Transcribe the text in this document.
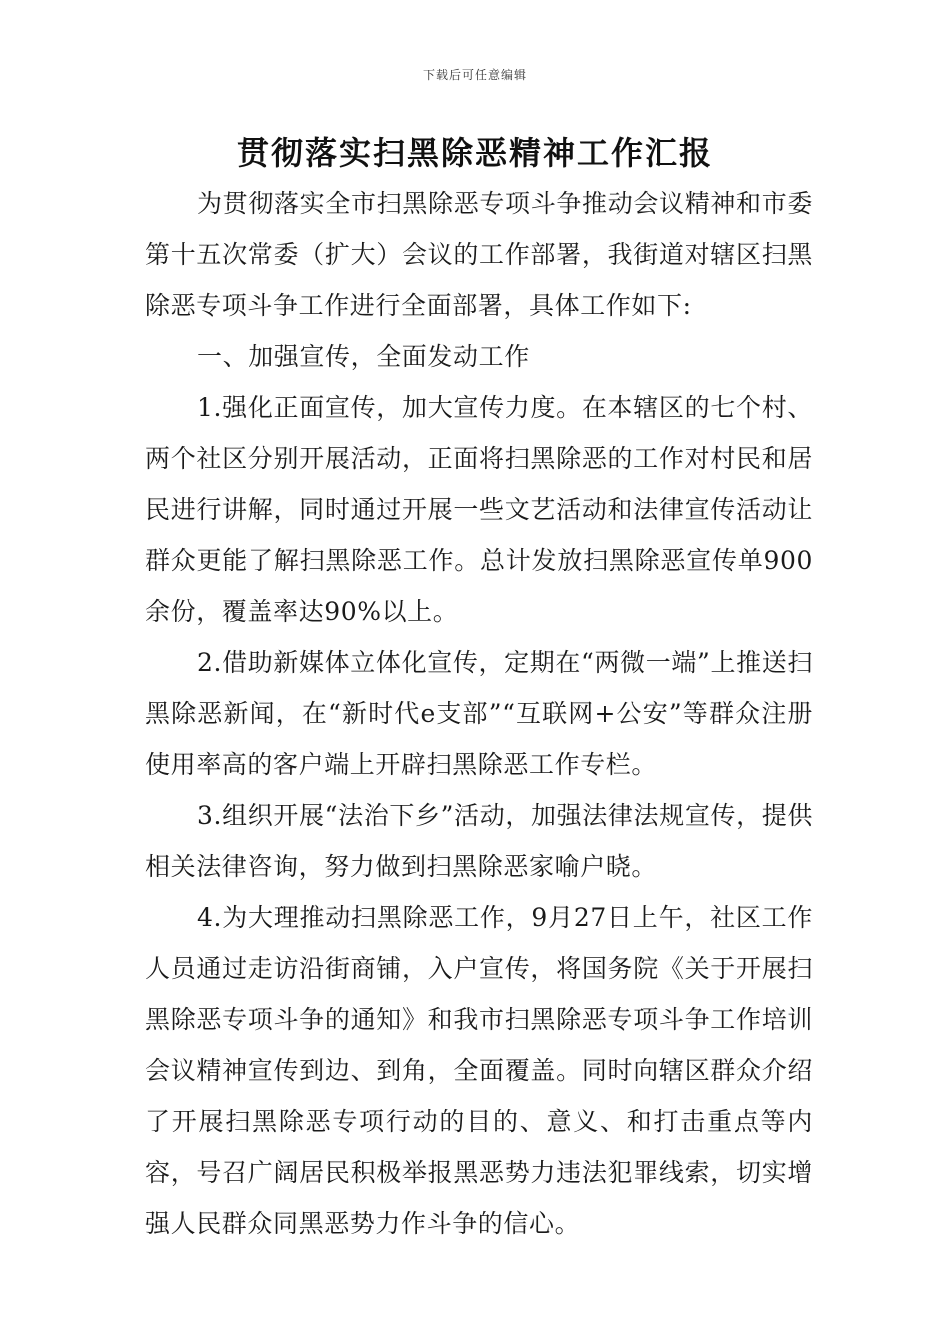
下载后可任意编辑
贯彻落实扫黑除恶精神工作汇报

为贯彻落实全市扫黑除恶专项斗争推动会议精神和市委第十五次常委（扩大）会议的工作部署，我街道对辖区扫黑除恶专项斗争工作进行全面部署，具体工作如下:

一、加强宣传，全面发动工作

1.强化正面宣传，加大宣传力度。在本辖区的七个村、两个社区分别开展活动，正面将扫黑除恶的工作对村民和居民进行讲解，同时通过开展一些文艺活动和法律宣传活动让群众更能了解扫黑除恶工作。总计发放扫黑除恶宣传单900余份，覆盖率达90%以上。

2.借助新媒体立体化宣传，定期在“两微一端”上推送扫黑除恶新闻，在“新时代e支部”“互联网+公安”等群众注册使用率高的客户端上开辟扫黑除恶工作专栏。

3.组织开展“法治下乡”活动，加强法律法规宣传，提供相关法律咨询，努力做到扫黑除恶家喻户晓。

4.为大理推动扫黑除恶工作，9月27日上午，社区工作人员通过走访沿街商铺，入户宣传，将国务院《关于开展扫黑除恶专项斗争的通知》和我市扫黑除恶专项斗争工作培训会议精神宣传到边、到角，全面覆盖。同时向辖区群众介绍了开展扫黑除恶专项行动的目的、意义、和打击重点等内容，号召广阔居民积极举报黑恶势力违法犯罪线索，切实增强人民群众同黑恶势力作斗争的信心。
